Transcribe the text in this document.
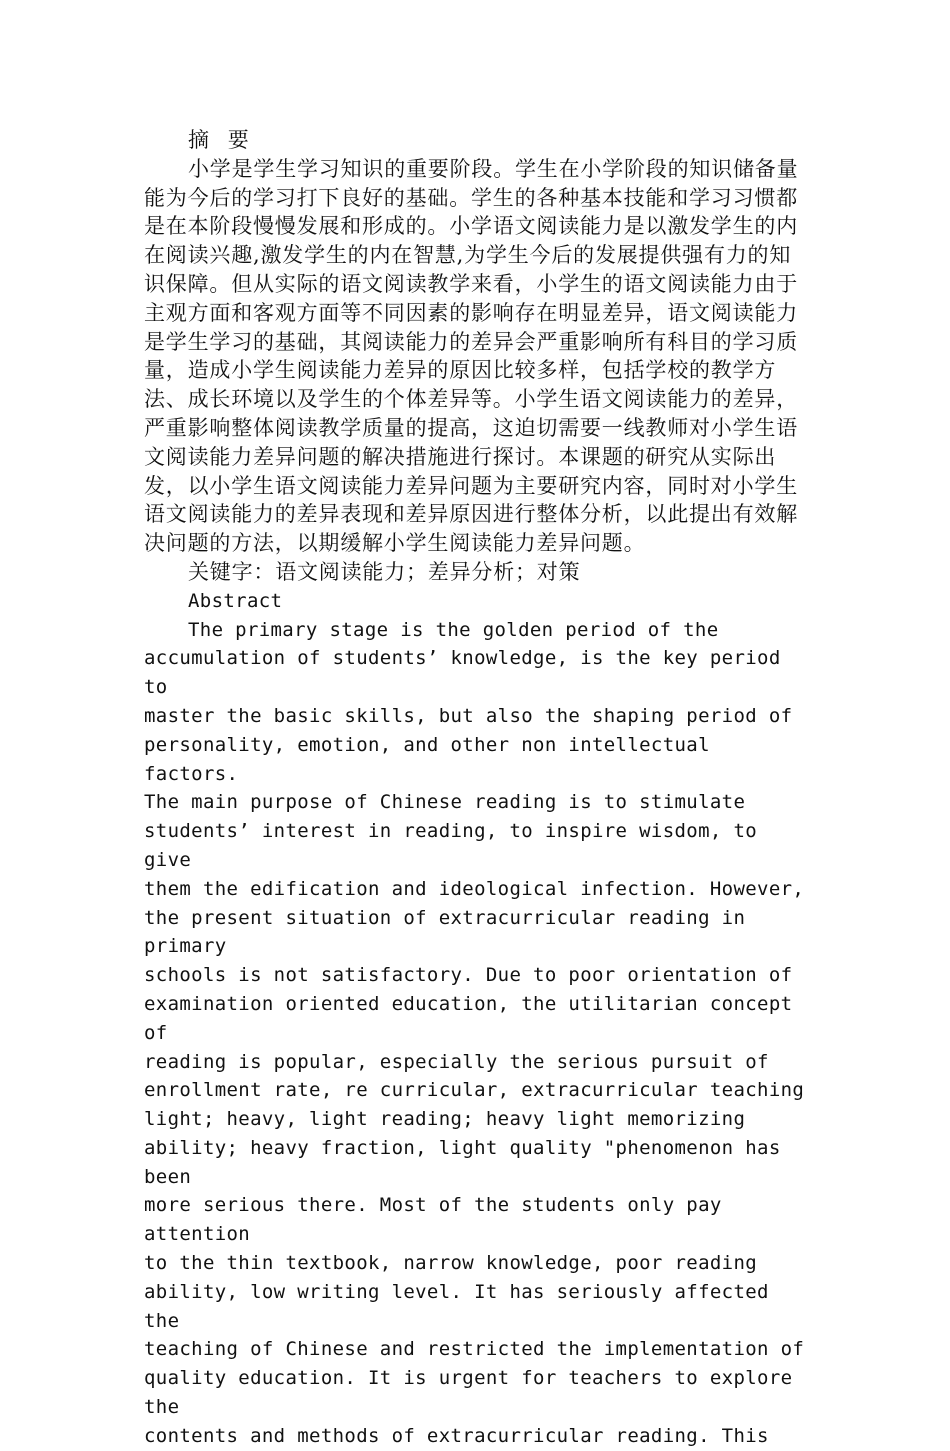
摘 要

小学是学生学习知识的重要阶段。学生在小学阶段的知识储备量能为今后的学习打下良好的基础。学生的各种基本技能和学习习惯都是在本阶段慢慢发展和形成的。小学语文阅读能力是以激发学生的内在阅读兴趣,激发学生的内在智慧,为学生今后的发展提供强有力的知识保障。但从实际的语文阅读教学来看，小学生的语文阅读能力由于主观方面和客观方面等不同因素的影响存在明显差异，语文阅读能力是学生学习的基础，其阅读能力的差异会严重影响所有科目的学习质量，造成小学生阅读能力差异的原因比较多样，包括学校的教学方法、成长环境以及学生的个体差异等。小学生语文阅读能力的差异，严重影响整体阅读教学质量的提高，这迫切需要一线教师对小学生语文阅读能力差异问题的解决措施进行探讨。本课题的研究从实际出发，以小学生语文阅读能力差异问题为主要研究内容，同时对小学生语文阅读能力的差异表现和差异原因进行整体分析，以此提出有效解决问题的方法，以期缓解小学生阅读能力差异问题。

关键字：语文阅读能力；差异分析；对策

Abstract

The primary stage is the golden period of the
accumulation of students’ knowledge, is the key period to
master the basic skills, but also the shaping period of
personality, emotion, and other non intellectual factors.
The main purpose of Chinese reading is to stimulate
students’ interest in reading, to inspire wisdom, to give
them the edification and ideological infection. However,
the present situation of extracurricular reading in primary
schools is not satisfactory. Due to poor orientation of
examination oriented education, the utilitarian concept of
reading is popular, especially the serious pursuit of
enrollment rate, re curricular, extracurricular teaching
light; heavy, light reading; heavy light memorizing
ability; heavy fraction, light quality "phenomenon has been
more serious there. Most of the students only pay attention
to the thin textbook, narrow knowledge, poor reading
ability, low writing level. It has seriously affected the
teaching of Chinese and restricted the implementation of
quality education. It is urgent for teachers to explore the
contents and methods of extracurricular reading. This
